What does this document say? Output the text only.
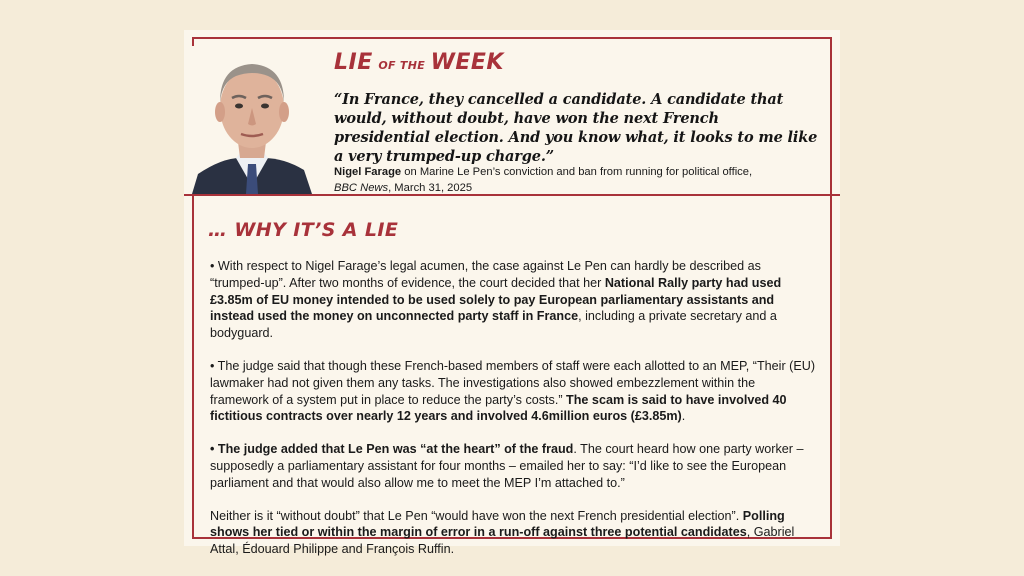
LIE OF THE WEEK
“In France, they cancelled a candidate. A candidate that would, without doubt, have won the next French presidential election. And you know what, it looks to me like a very trumped-up charge.”
Nigel Farage on Marine Le Pen’s conviction and ban from running for political office,
BBC News, March 31, 2025
… WHY IT’S A LIE

• With respect to Nigel Farage’s legal acumen, the case against Le Pen can hardly be described as “trumped-up”. After two months of evidence, the court decided that her National Rally party had used £3.85m of EU money intended to be used solely to pay European parliamentary assistants and instead used the money on unconnected party staff in France, including a private secretary and a bodyguard.

• The judge said that though these French-based members of staff were each allotted to an MEP, “Their (EU) lawmaker had not given them any tasks. The investigations also showed embezzlement within the framework of a system put in place to reduce the party’s costs.” The scam is said to have involved 40 fictitious contracts over nearly 12 years and involved 4.6million euros (£3.85m).

• The judge added that Le Pen was “at the heart” of the fraud. The court heard how one party worker – supposedly a parliamentary assistant for four months – emailed her to say: “I’d like to see the European parliament and that would also allow me to meet the MEP I’m attached to.”

Neither is it “without doubt” that Le Pen “would have won the next French presidential election”. Polling shows her tied or within the margin of error in a run-off against three potential candidates, Gabriel Attal, Édouard Philippe and François Ruffin.
